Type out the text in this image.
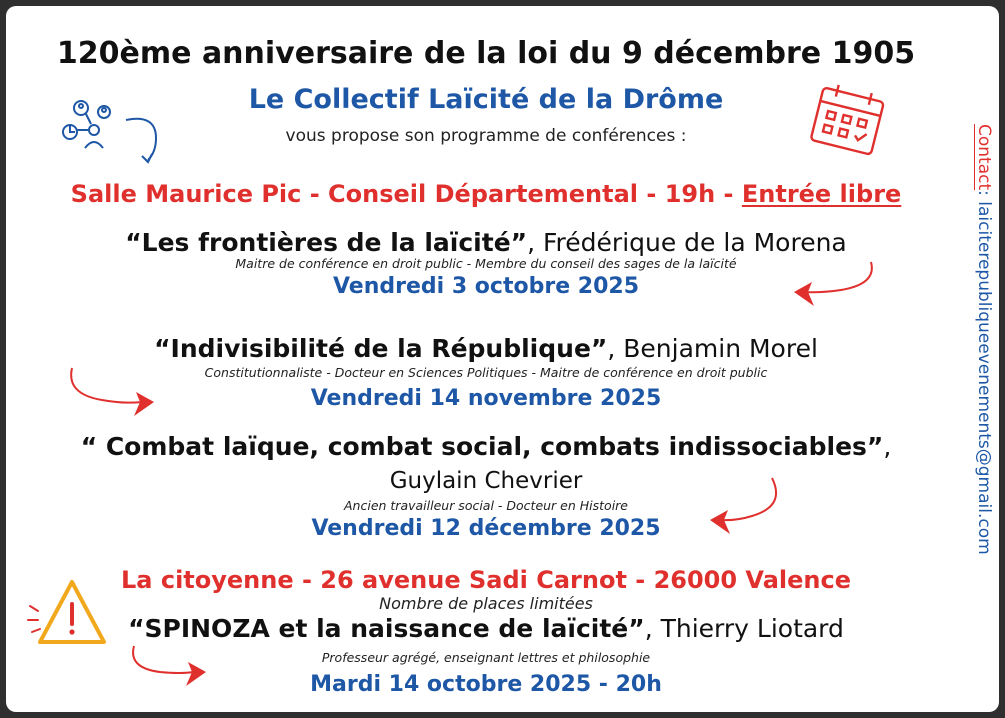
120ème anniversaire de la loi du 9 décembre 1905
Le Collectif Laïcité de la Drôme
vous propose son programme de conférences :
Salle Maurice Pic - Conseil Départemental - 19h - Entrée libre
“Les frontières de la laïcité”, Frédérique de la Morena
Maitre de conférence en droit public - Membre du conseil des sages de la laïcité
Vendredi 3 octobre 2025
“Indivisibilité de la République”, Benjamin Morel
Constitutionnaliste - Docteur en Sciences Politiques - Maitre de conférence en droit public
Vendredi 14 novembre 2025
“ Combat laïque, combat social, combats indissociables”,
Guylain Chevrier
Ancien travailleur social - Docteur en Histoire
Vendredi 12 décembre 2025
La citoyenne - 26 avenue Sadi Carnot - 26000 Valence
Nombre de places limitées
“SPINOZA et la naissance de laïcité”, Thierry Liotard
Professeur agrégé, enseignant lettres et philosophie
Mardi 14 octobre 2025 - 20h
Contact: laiciterepubliqueevenements@gmail.com
